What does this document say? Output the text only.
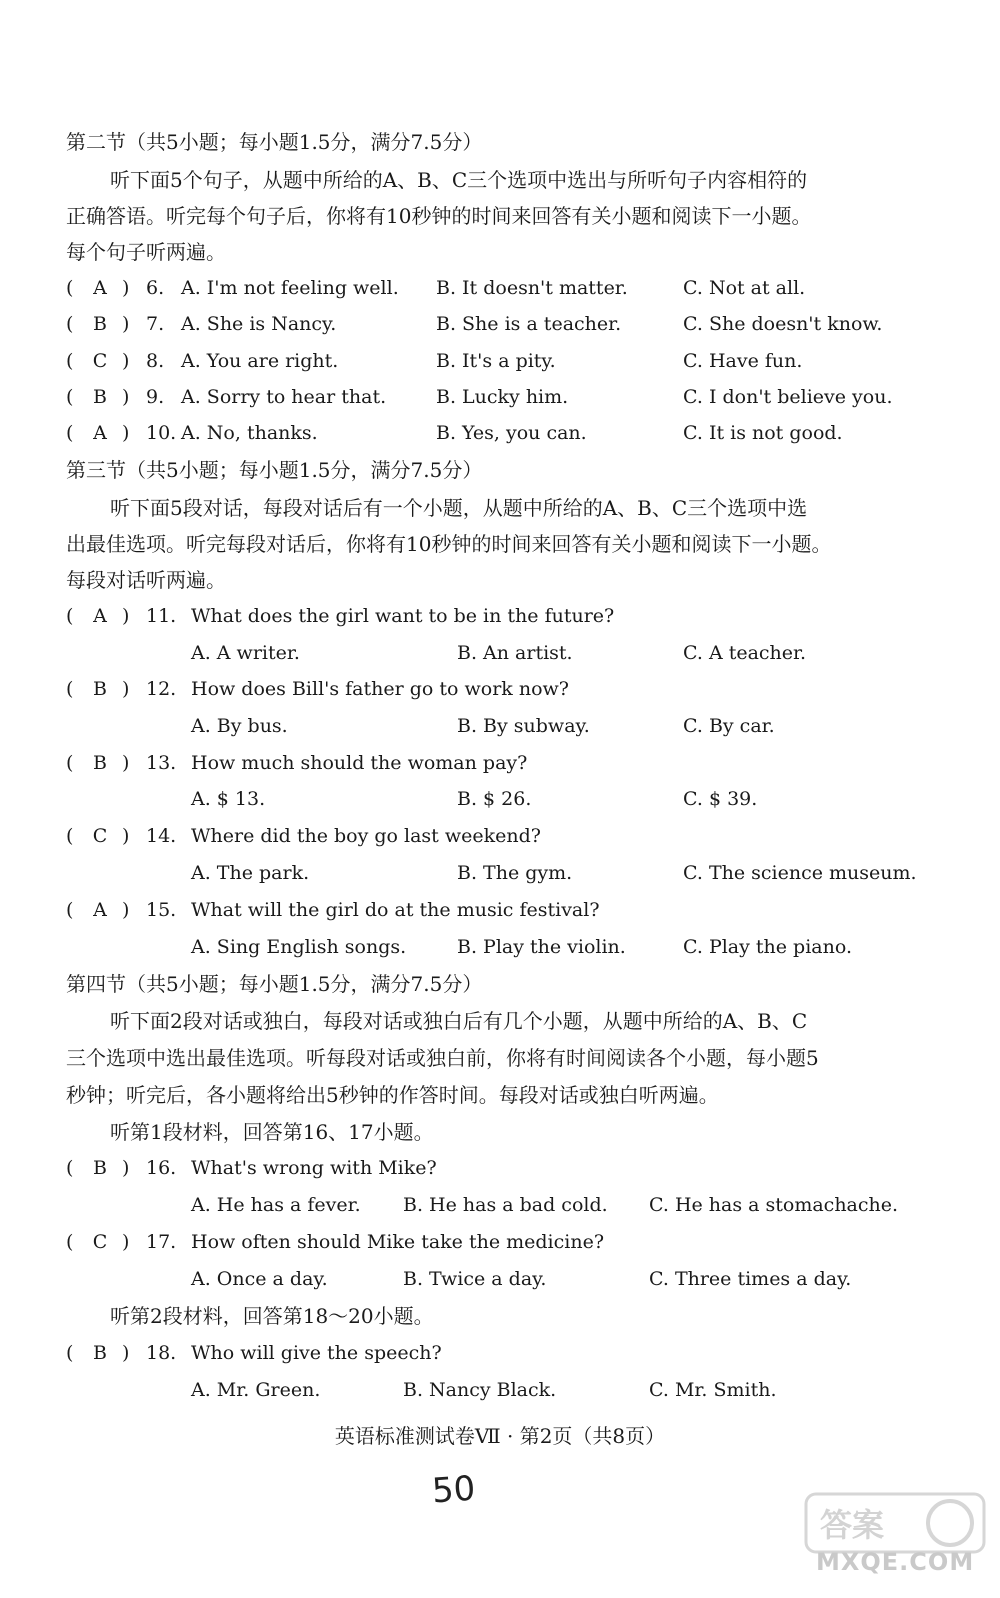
第二节（共5小题；每小题1.5分，满分7.5分）
听下面5个句子，从题中所给的A、B、C三个选项中选出与所听句子内容相符的
正确答语。听完每个句子后，你将有10秒钟的时间来回答有关小题和阅读下一小题。
每个句子听两遍。
( A ) 6. A. I'm not feeling well. B. It doesn't matter.	C. Not at all.
( B ) 7. A. She is Nancy.	B. She is a teacher.	C. She doesn't know.
( C ) 8. A. You are right.	B. It's a pity.	C. Have fun.
( B ) 9. A. Sorry to hear that.	B. Lucky him.	C. I don't believe you.
( A ) 10. A. No, thanks.	B. Yes, you can.	C. It is not good.
第三节（共5小题；每小题1.5分，满分7.5分）
听下面5段对话，每段对话后有一个小题，从题中所给的A、B、C三个选项中选
出最佳选项。听完每段对话后，你将有10秒钟的时间来回答有关小题和阅读下一小题。
每段对话听两遍。
( A ) 11. What does the girl want to be in the future?
A. A writer.	B. An artist.	C. A teacher.
( B ) 12. How does Bill's father go to work now?
A. By bus.	B. By subway.	C. By car.
( B ) 13. How much should the woman pay?
A. $ 13.	B. $ 26.	C. $ 39.
( C ) 14. Where did the boy go last weekend?
A. The park.	B. The gym.	C. The science museum.
( A ) 15. What will the girl do at the music festival?
A. Sing English songs.	B. Play the violin.	C. Play the piano.
第四节（共5小题；每小题1.5分，满分7.5分）
听下面2段对话或独白，每段对话或独白后有几个小题，从题中所给的A、B、C
三个选项中选出最佳选项。听每段对话或独白前，你将有时间阅读各个小题，每小题5
秒钟；听完后，各小题将给出5秒钟的作答时间。每段对话或独白听两遍。
听第1段材料，回答第16、17小题。
( B ) 16. What's wrong with Mike?
A. He has a fever. B. He has a bad cold. C. He has a stomachache.
( C ) 17. How often should Mike take the medicine?
A. Once a day.	B. Twice a day.	C. Three times a day.
听第2段材料，回答第18～20小题。
( B ) 18. Who will give the speech?
A. Mr. Green.	B. Nancy Black.	C. Mr. Smith.
英语标准测试卷Ⅶ · 第2页（共8页）
50
答案
MXQE.COM
